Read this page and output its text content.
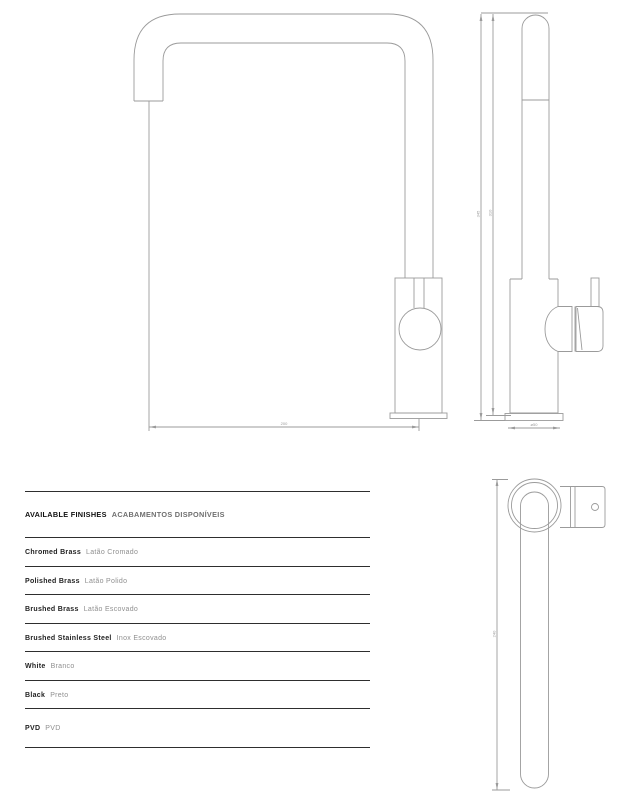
200
345 310
ø50
240
AVAILABLE FINISHES ACABAMENTOS DISPONÍVEIS
Chromed Brass Latão Cromado
Polished Brass Latão Polido
Brushed Brass Latão Escovado
Brushed Stainless Steel Inox Escovado
White Branco
Black Preto
PVD PVD
